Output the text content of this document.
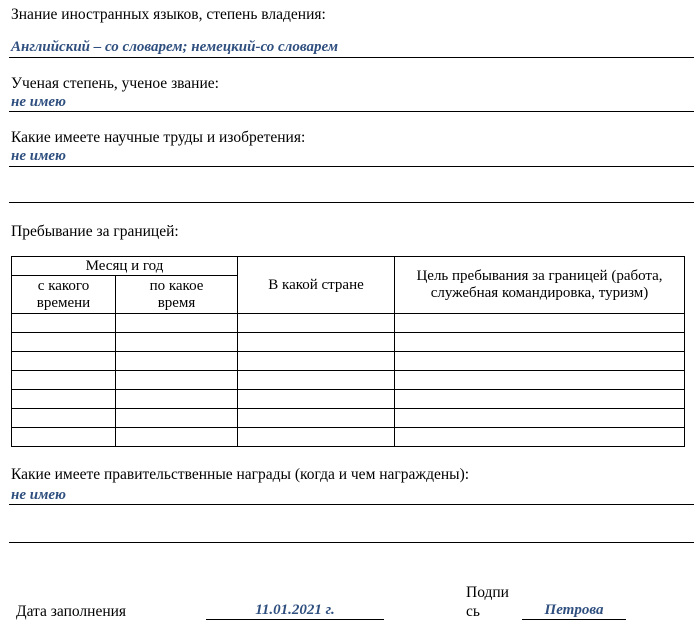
Знание иностранных языков, степень владения:
Английский – со словарем; немецкий-со словарем
Ученая степень, ученое звание:
не имею
Какие имеете научные труды и изобретения:
не имею
Пребывание за границей:
Месяц и год		В какой стране	Цель пребывания за границей (работа, служебная командировка, туризм)
с какого времени	по какое время		

Какие имеете правительственные награды (когда и чем награждены):
не имею
Дата заполнения	11.01.2021 г.
Подпи
сь	Петрова
